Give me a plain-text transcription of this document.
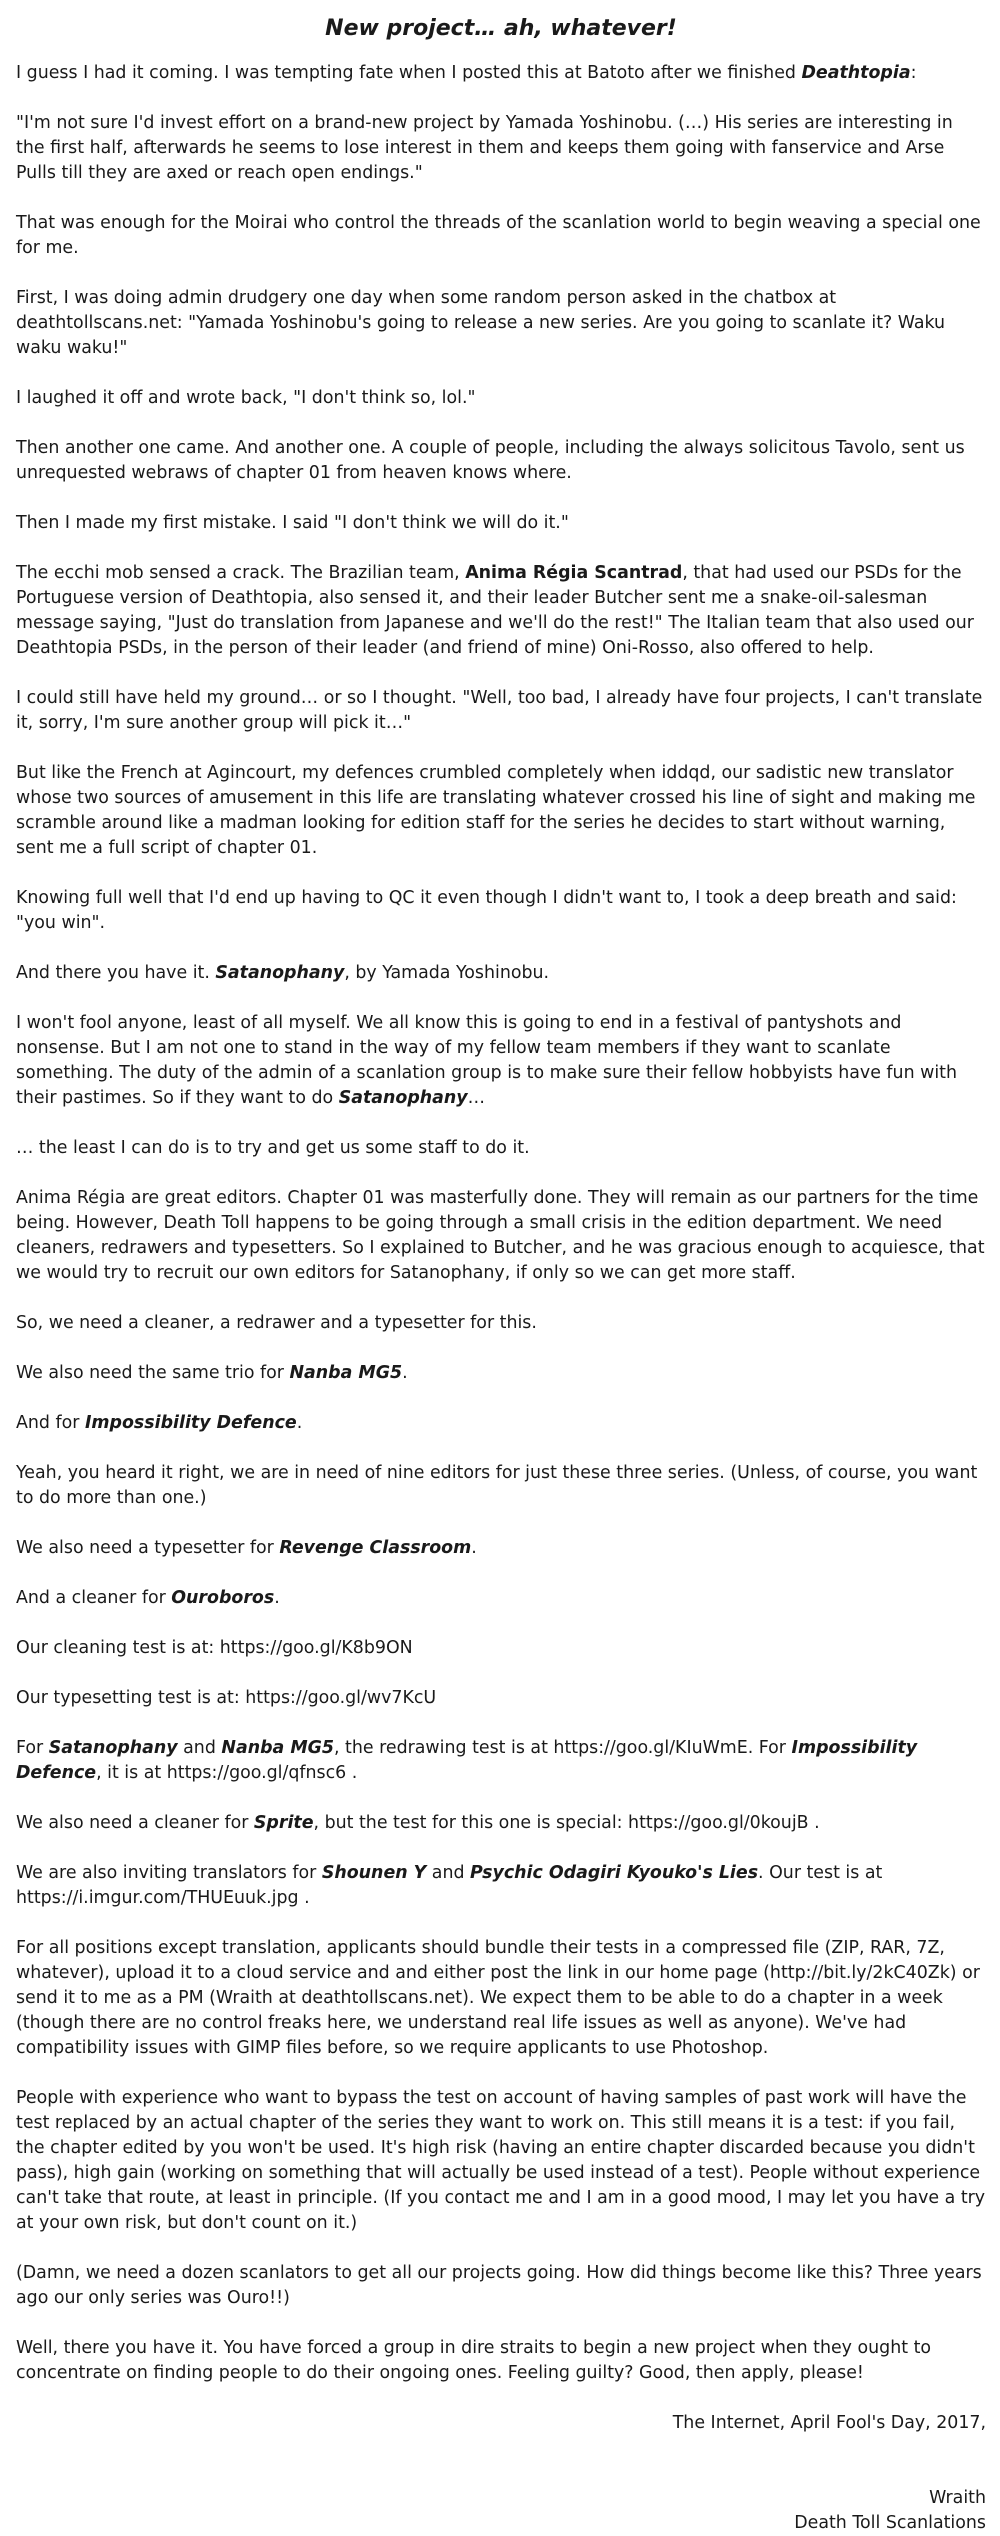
New project… ah, whatever!

I guess I had it coming. I was tempting fate when I posted this at Batoto after we finished Deathtopia:

"I'm not sure I'd invest effort on a brand-new project by Yamada Yoshinobu. (…) His series are interesting in the first half, afterwards he seems to lose interest in them and keeps them going with fanservice and Arse Pulls till they are axed or reach open endings."

That was enough for the Moirai who control the threads of the scanlation world to begin weaving a special one for me.

First, I was doing admin drudgery one day when some random person asked in the chatbox at deathtollscans.net: "Yamada Yoshinobu's going to release a new series. Are you going to scanlate it? Waku waku waku!"

I laughed it off and wrote back, "I don't think so, lol."

Then another one came. And another one. A couple of people, including the always solicitous Tavolo, sent us unrequested webraws of chapter 01 from heaven knows where.

Then I made my first mistake. I said "I don't think we will do it."

The ecchi mob sensed a crack. The Brazilian team, Anima Régia Scantrad, that had used our PSDs for the Portuguese version of Deathtopia, also sensed it, and their leader Butcher sent me a snake-oil-salesman message saying, "Just do translation from Japanese and we'll do the rest!" The Italian team that also used our Deathtopia PSDs, in the person of their leader (and friend of mine) Oni-Rosso, also offered to help.

I could still have held my ground… or so I thought. "Well, too bad, I already have four projects, I can't translate it, sorry, I'm sure another group will pick it…"

But like the French at Agincourt, my defences crumbled completely when iddqd, our sadistic new translator whose two sources of amusement in this life are translating whatever crossed his line of sight and making me scramble around like a madman looking for edition staff for the series he decides to start without warning, sent me a full script of chapter 01.

Knowing full well that I'd end up having to QC it even though I didn't want to, I took a deep breath and said: "you win".

And there you have it. Satanophany, by Yamada Yoshinobu.

I won't fool anyone, least of all myself. We all know this is going to end in a festival of pantyshots and nonsense. But I am not one to stand in the way of my fellow team members if they want to scanlate something. The duty of the admin of a scanlation group is to make sure their fellow hobbyists have fun with their pastimes. So if they want to do Satanophany…

… the least I can do is to try and get us some staff to do it.

Anima Régia are great editors. Chapter 01 was masterfully done. They will remain as our partners for the time being. However, Death Toll happens to be going through a small crisis in the edition department. We need cleaners, redrawers and typesetters. So I explained to Butcher, and he was gracious enough to acquiesce, that we would try to recruit our own editors for Satanophany, if only so we can get more staff.

So, we need a cleaner, a redrawer and a typesetter for this.

We also need the same trio for Nanba MG5.

And for Impossibility Defence.

Yeah, you heard it right, we are in need of nine editors for just these three series. (Unless, of course, you want to do more than one.)

We also need a typesetter for Revenge Classroom.

And a cleaner for Ouroboros.

Our cleaning test is at: https://goo.gl/K8b9ON

Our typesetting test is at: https://goo.gl/wv7KcU

For Satanophany and Nanba MG5, the redrawing test is at https://goo.gl/KIuWmE. For Impossibility Defence, it is at https://goo.gl/qfnsc6 .

We also need a cleaner for Sprite, but the test for this one is special: https://goo.gl/0koujB .

We are also inviting translators for Shounen Y and Psychic Odagiri Kyouko's Lies. Our test is at https://i.imgur.com/THUEuuk.jpg .

For all positions except translation, applicants should bundle their tests in a compressed file (ZIP, RAR, 7Z, whatever), upload it to a cloud service and and either post the link in our home page (http://bit.ly/2kC40Zk) or send it to me as a PM (Wraith at deathtollscans.net). We expect them to be able to do a chapter in a week (though there are no control freaks here, we understand real life issues as well as anyone). We've had compatibility issues with GIMP files before, so we require applicants to use Photoshop.

People with experience who want to bypass the test on account of having samples of past work will have the test replaced by an actual chapter of the series they want to work on. This still means it is a test: if you fail, the chapter edited by you won't be used. It's high risk (having an entire chapter discarded because you didn't pass), high gain (working on something that will actually be used instead of a test). People without experience can't take that route, at least in principle. (If you contact me and I am in a good mood, I may let you have a try at your own risk, but don't count on it.)

(Damn, we need a dozen scanlators to get all our projects going. How did things become like this? Three years ago our only series was Ouro!!)

Well, there you have it. You have forced a group in dire straits to begin a new project when they ought to concentrate on finding people to do their ongoing ones. Feeling guilty? Good, then apply, please!

The Internet, April Fool's Day, 2017,

Wraith

Death Toll Scanlations
